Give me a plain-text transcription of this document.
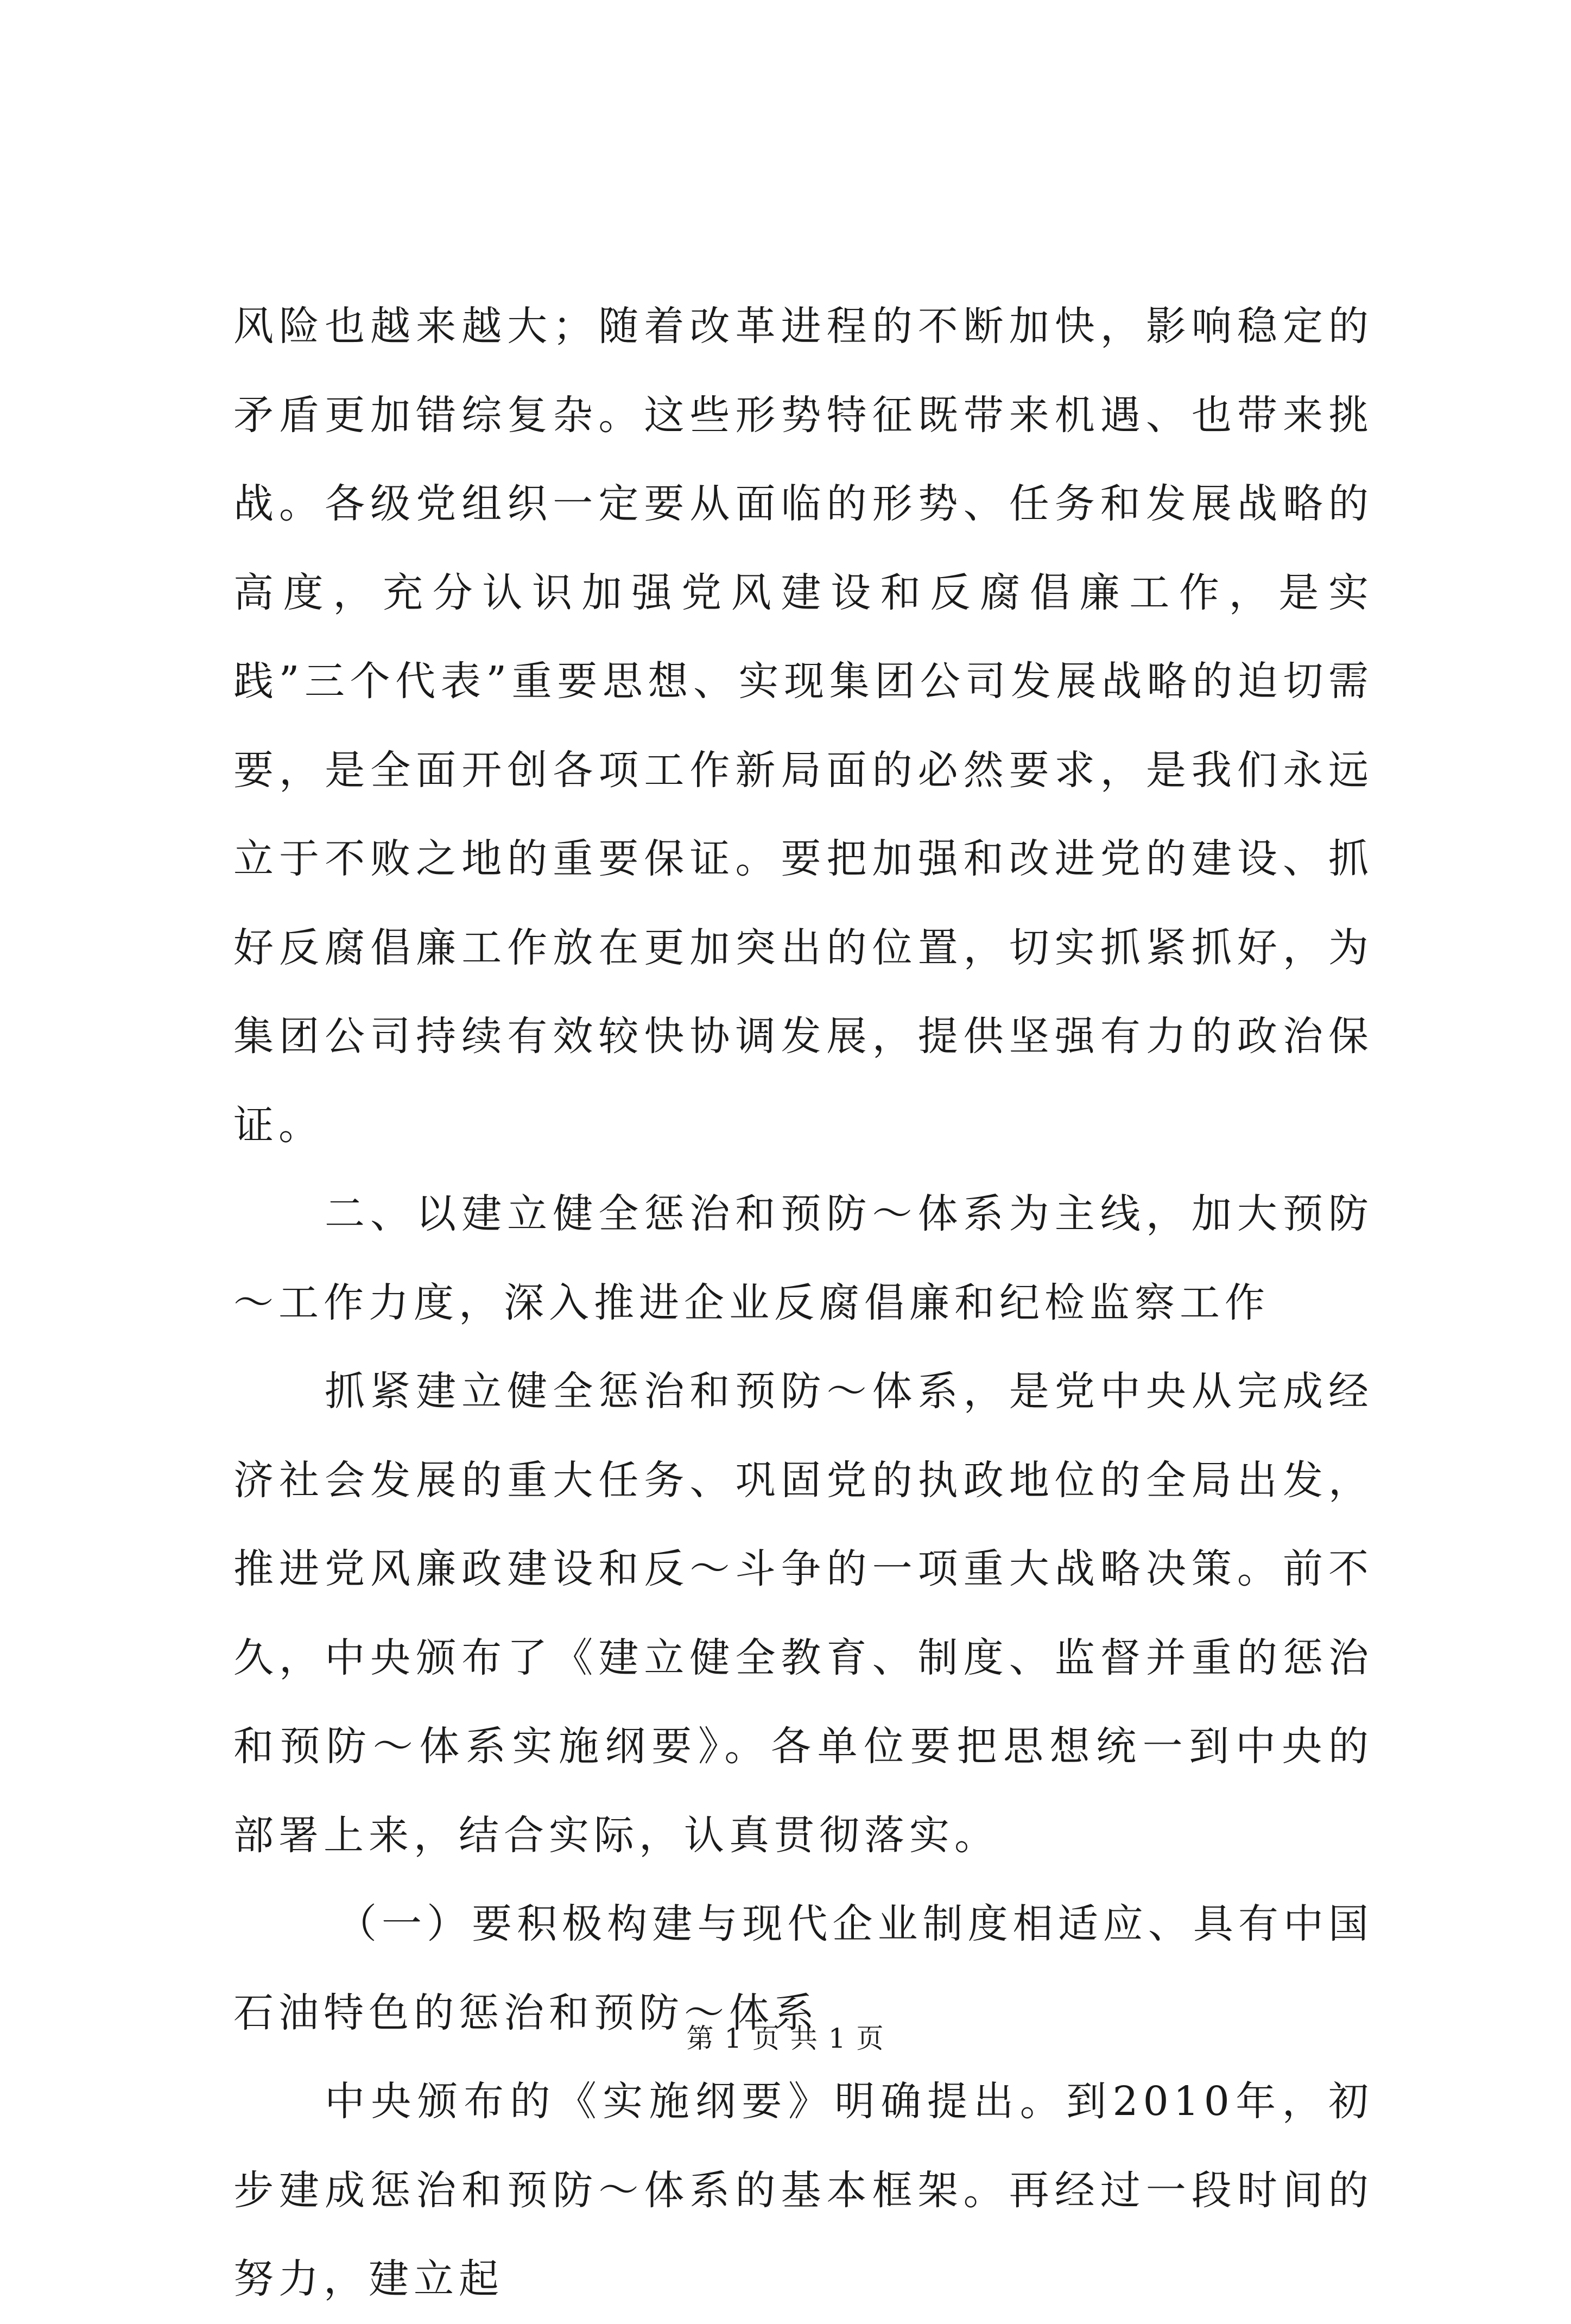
风险也越来越大；随着改革进程的不断加快，影响稳定的矛盾更加错综复杂。这些形势特征既带来机遇、也带来挑战。各级党组织一定要从面临的形势、任务和发展战略的高度，充分认识加强党风建设和反腐倡廉工作，是实践”三个代表”重要思想、实现集团公司发展战略的迫切需要，是全面开创各项工作新局面的必然要求，是我们永远立于不败之地的重要保证。要把加强和改进党的建设、抓好反腐倡廉工作放在更加突出的位置，切实抓紧抓好，为集团公司持续有效较快协调发展，提供坚强有力的政治保证。

二、以建立健全惩治和预防～体系为主线，加大预防～工作力度，深入推进企业反腐倡廉和纪检监察工作

抓紧建立健全惩治和预防～体系，是党中央从完成经济社会发展的重大任务、巩固党的执政地位的全局出发，推进党风廉政建设和反～斗争的一项重大战略决策。前不久，中央颁布了《建立健全教育、制度、监督并重的惩治和预防～体系实施纲要》。各单位要把思想统一到中央的部署上来，结合实际，认真贯彻落实。

（一）要积极构建与现代企业制度相适应、具有中国石油特色的惩治和预防～体系

中央颁布的《实施纲要》明确提出。到2010年，初步建成惩治和预防～体系的基本框架。再经过一段时间的努力，建立起

第 1 页 共 1 页
